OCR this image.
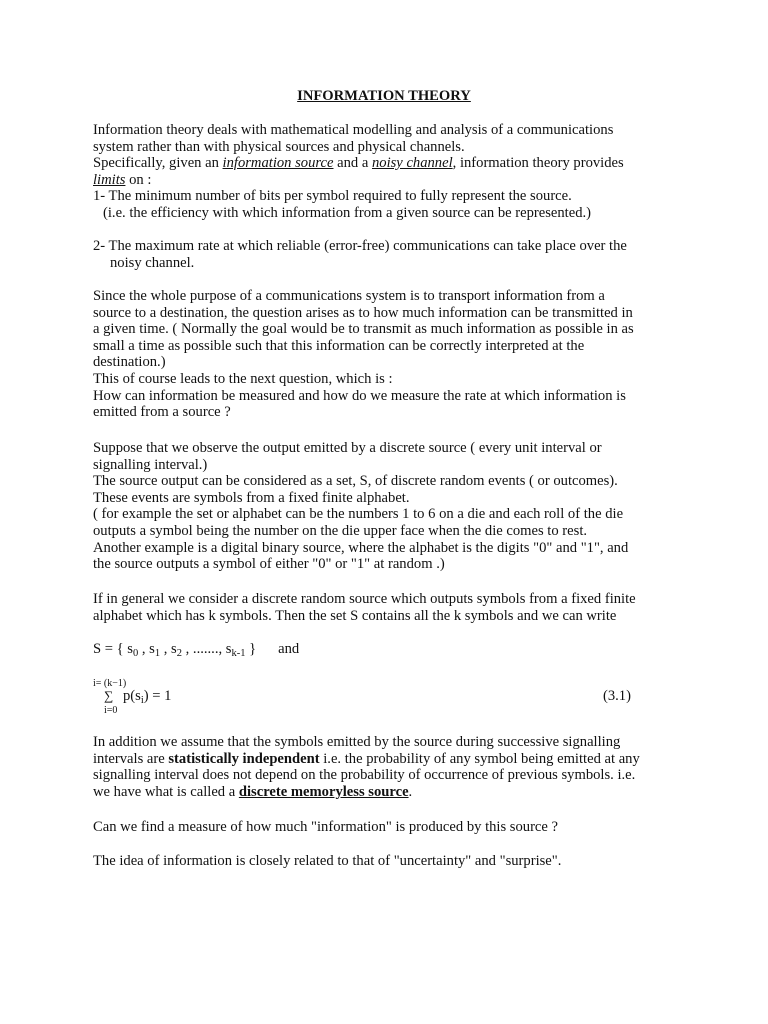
INFORMATION THEORY
Information theory deals with mathematical modelling and analysis of a communications
system rather than with physical sources and physical channels.
Specifically, given an information source and a noisy channel, information theory provides
limits on :
1- The minimum number of bits per symbol required to fully represent the source.
(i.e. the efficiency with which information from a given source can be represented.)

2- The maximum rate at which reliable (error-free) communications can take place over the
noisy channel.
Since the whole purpose of a communications system is to transport information from a
source to a destination, the question arises as to how much information can be transmitted in
a given time. ( Normally the goal would be to transmit as much information as possible in as
small a time as possible such that this information can be correctly interpreted at the
destination.)
This of course leads to the next question, which is :
How can information be measured and how do we measure the rate at which information is
emitted from a source ?
Suppose that we observe the output emitted by a discrete source ( every unit interval or
signalling interval.)
The source output can be considered as a set, S, of discrete random events ( or outcomes).
These events are symbols from a fixed finite alphabet.
( for example the set or alphabet can be the numbers 1 to 6 on a die and each roll of the die
outputs a symbol being the number on the die upper face when the die comes to rest.
Another example is a digital binary source, where the alphabet is the digits "0" and "1", and
the source outputs a symbol of either "0" or "1" at random .)
If in general we consider a discrete random source which outputs symbols from a fixed finite
alphabet which has k symbols. Then the set S contains all the k symbols and we can write
S = { $s_0$ , $s_1$ , $s_2$ , ......., $s_{k-1}$ } and
i= (k−1)
∑
i=0
$p(s_i) = 1$	(3.1)
In addition we assume that the symbols emitted by the source during successive signalling
intervals are statistically independent i.e. the probability of any symbol being emitted at any
signalling interval does not depend on the probability of occurrence of previous symbols. i.e.
we have what is called a discrete memoryless source.
Can we find a measure of how much "information" is produced by this source ?
The idea of information is closely related to that of "uncertainty" and "surprise".
